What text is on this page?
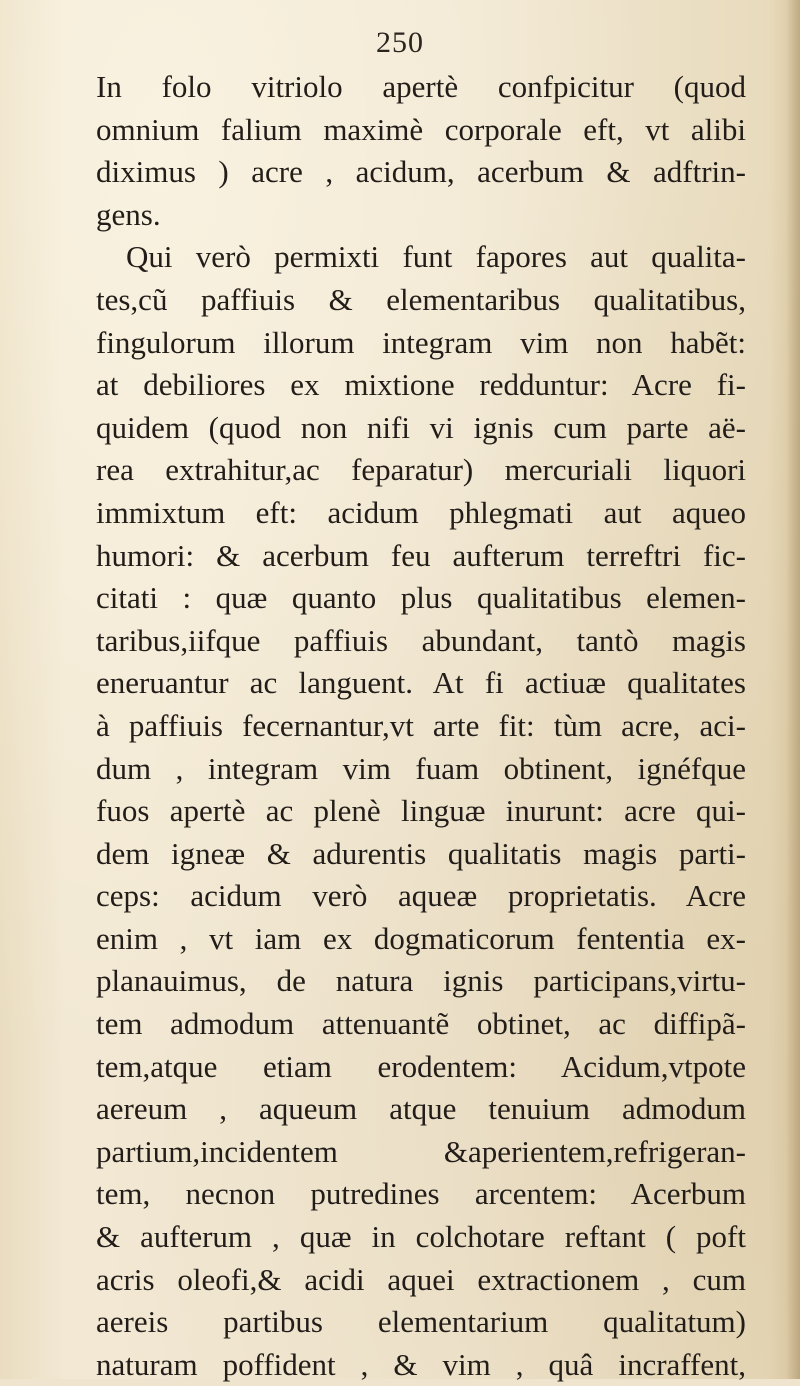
250
In folo vitriolo apertè confpicitur (quod
omnium falium maximè corporale eft, vt alibi
diximus ) acre , acidum, acerbum & adftrin-
gens.
Qui verò permixti funt fapores aut qualita-
tes,cũ paffiuis & elementaribus qualitatibus,
fingulorum illorum integram vim non habẽt:
at debiliores ex mixtione redduntur: Acre fi-
quidem (quod non nifi vi ignis cum parte aë-
rea extrahitur,ac feparatur) mercuriali liquori
immixtum eft: acidum phlegmati aut aqueo
humori: & acerbum feu aufterum terreftri fic-
citati : quæ quanto plus qualitatibus elemen-
taribus,iifque paffiuis abundant, tantò magis
eneruantur ac languent. At fi actiuæ qualitates
à paffiuis fecernantur,vt arte fit: tùm acre, aci-
dum , integram vim fuam obtinent, ignéfque
fuos apertè ac plenè linguæ inurunt: acre qui-
dem igneæ & adurentis qualitatis magis parti-
ceps: acidum verò aqueæ proprietatis. Acre
enim , vt iam ex dogmaticorum fententia ex-
planauimus, de natura ignis participans,virtu-
tem admodum attenuantẽ obtinet, ac diffipã-
tem,atque etiam erodentem: Acidum,vtpote
aereum , aqueum atque tenuium admodum
partium,incidentem &aperientem,refrigeran-
tem, necnon putredines arcentem: Acerbum
& aufterum , quæ in colchotare reftant ( poft
acris oleofi,& acidi aquei extractionem , cum
aereis partibus elementarium qualitatum)
naturam poffident , & vim , quâ incraffent,
